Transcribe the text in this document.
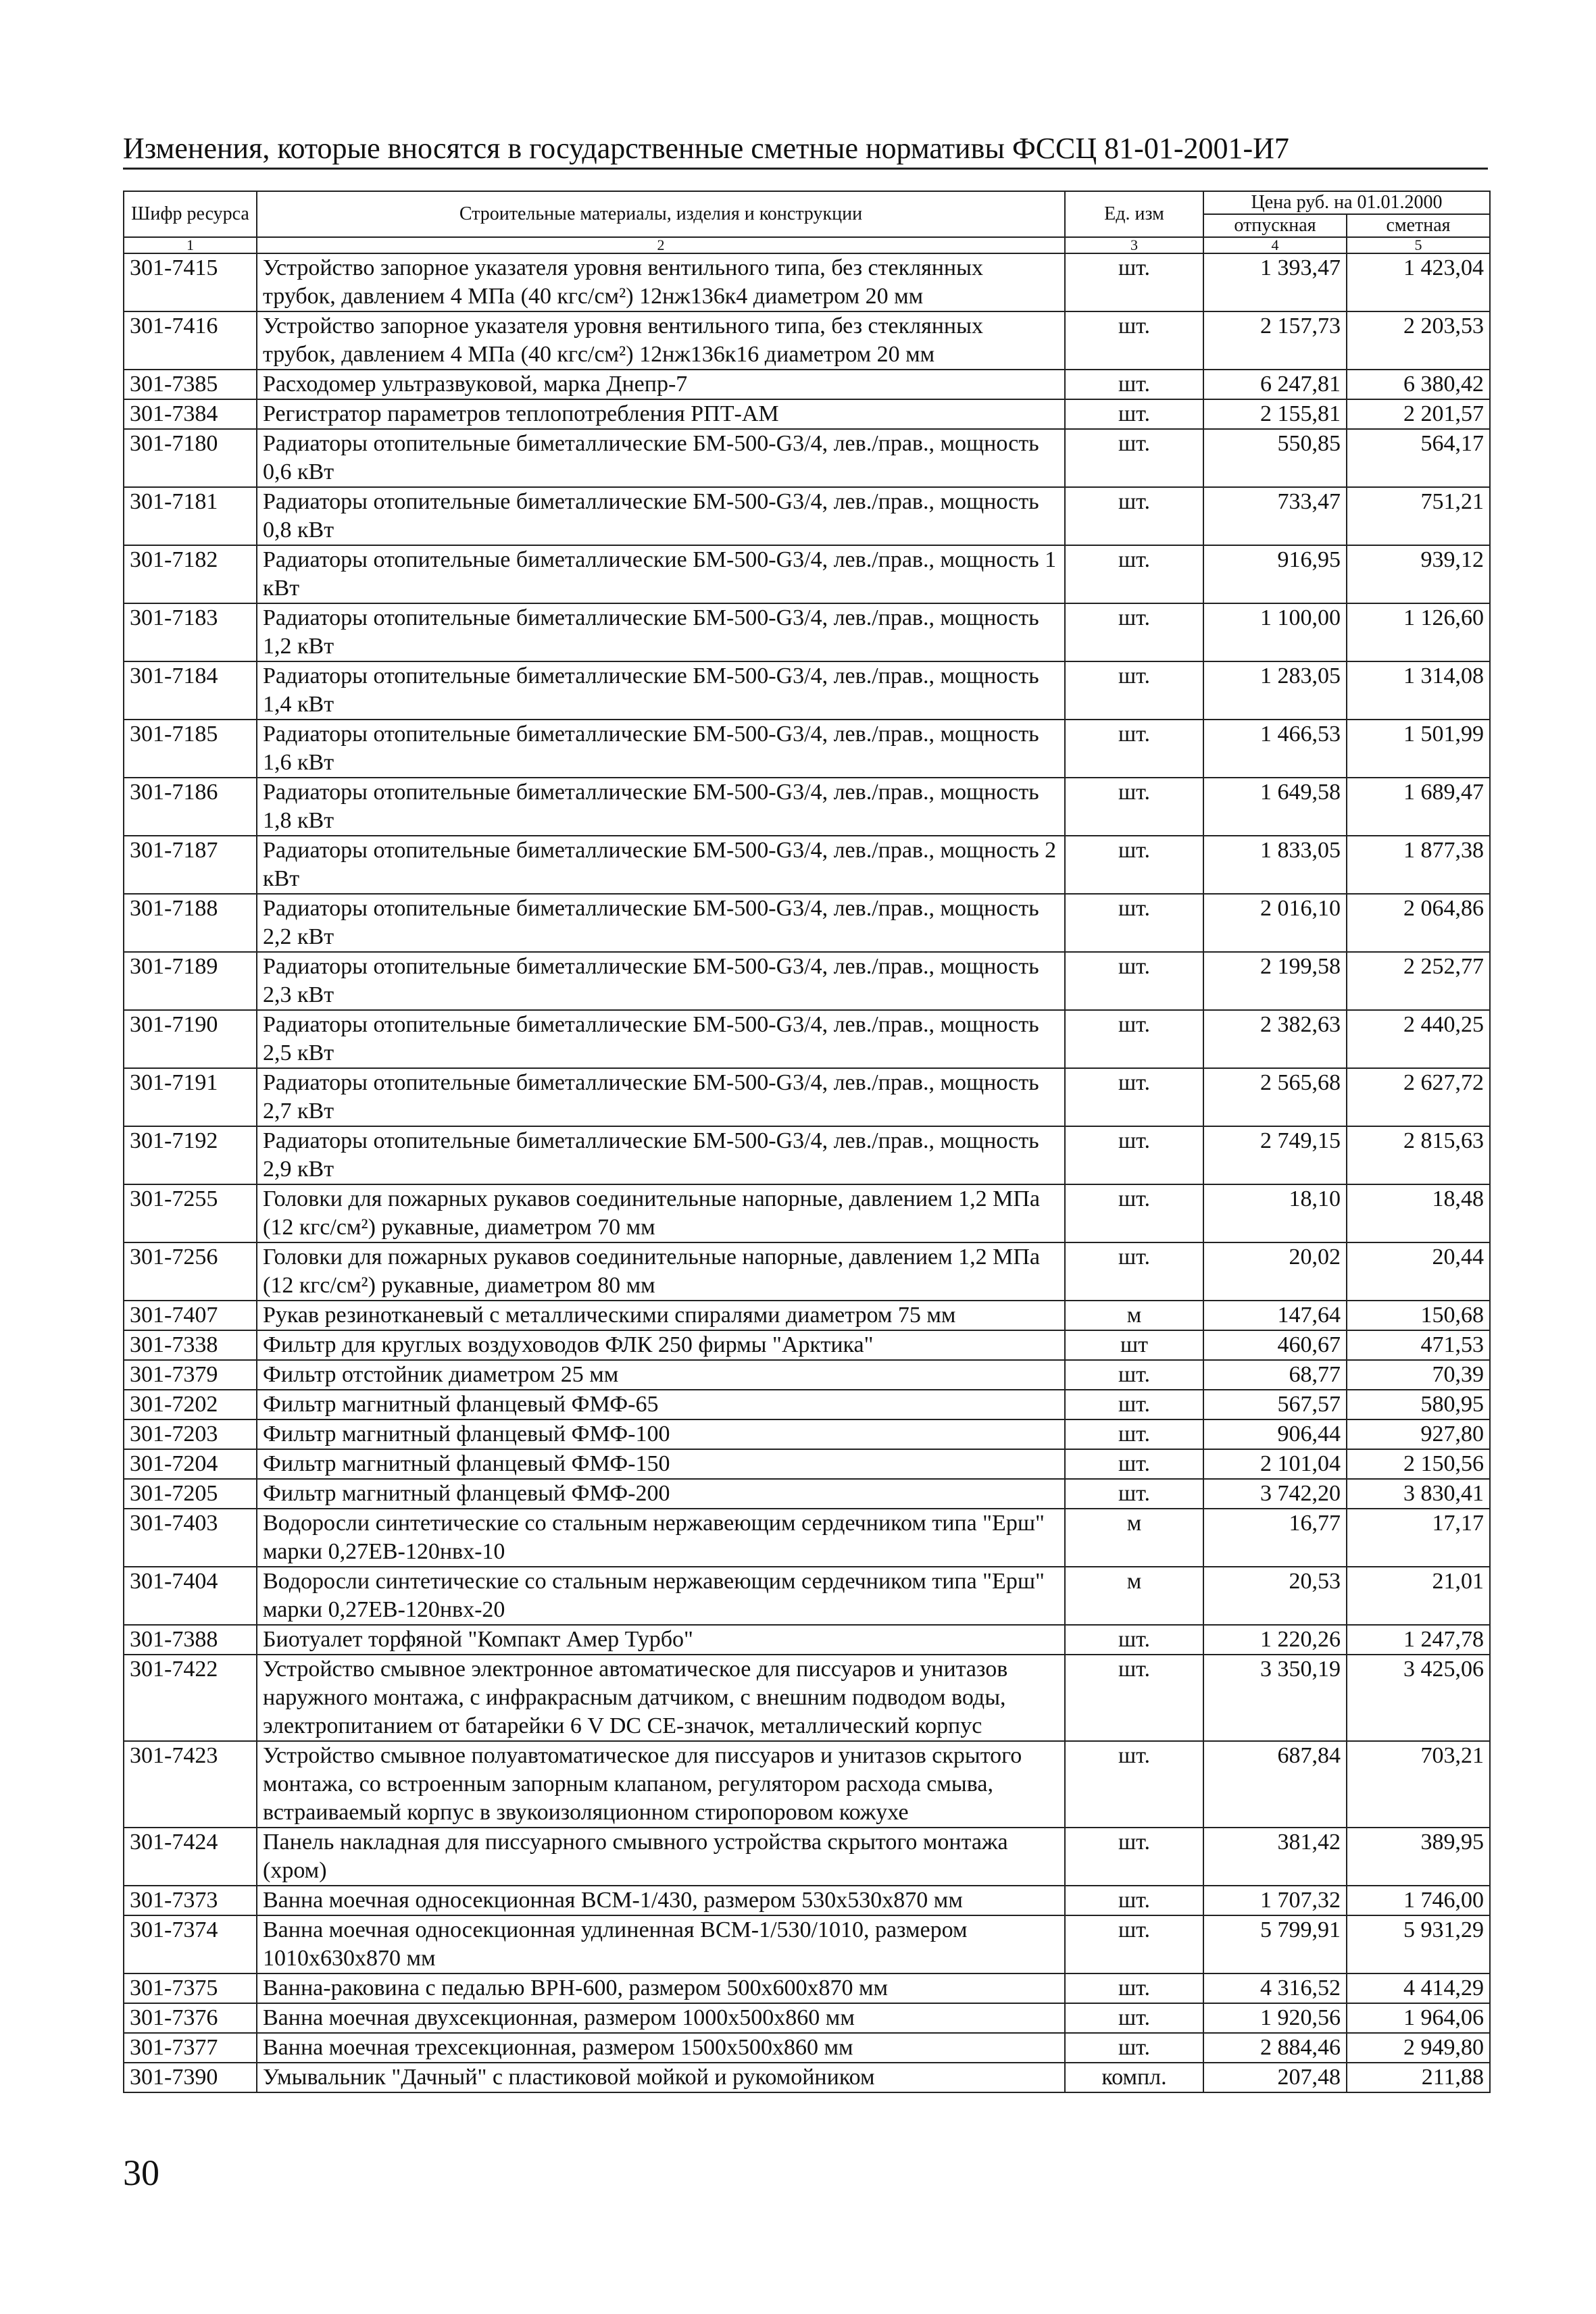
Изменения, которые вносятся в государственные сметные нормативы ФССЦ 81-01-2001-И7
Шифр ресурса	Строительные материалы, изделия и конструкции	Ед. изм	Цена руб. на 01.01.2000	
			отпускная	сметная
1	2	3	4	5
301-7415	Устройство запорное указателя уровня вентильного типа, без стеклянных трубок, давлением 4 МПа (40 кгс/см²) 12нж136к4 диаметром 20 мм	шт.	1 393,47	1 423,04
301-7416	Устройство запорное указателя уровня вентильного типа, без стеклянных трубок, давлением 4 МПа (40 кгс/см²) 12нж136к16 диаметром 20 мм	шт.	2 157,73	2 203,53
301-7385	Расходомер ультразвуковой, марка Днепр-7	шт.	6 247,81	6 380,42
301-7384	Регистратор параметров теплопотребления РПТ-АМ	шт.	2 155,81	2 201,57
301-7180	Радиаторы отопительные биметаллические БМ-500-G3/4, лев./прав., мощность 0,6 кВт	шт.	550,85	564,17
301-7181	Радиаторы отопительные биметаллические БМ-500-G3/4, лев./прав., мощность 0,8 кВт	шт.	733,47	751,21
301-7182	Радиаторы отопительные биметаллические БМ-500-G3/4, лев./прав., мощность 1 кВт	шт.	916,95	939,12
301-7183	Радиаторы отопительные биметаллические БМ-500-G3/4, лев./прав., мощность 1,2 кВт	шт.	1 100,00	1 126,60
301-7184	Радиаторы отопительные биметаллические БМ-500-G3/4, лев./прав., мощность 1,4 кВт	шт.	1 283,05	1 314,08
301-7185	Радиаторы отопительные биметаллические БМ-500-G3/4, лев./прав., мощность 1,6 кВт	шт.	1 466,53	1 501,99
301-7186	Радиаторы отопительные биметаллические БМ-500-G3/4, лев./прав., мощность 1,8 кВт	шт.	1 649,58	1 689,47
301-7187	Радиаторы отопительные биметаллические БМ-500-G3/4, лев./прав., мощность 2 кВт	шт.	1 833,05	1 877,38
301-7188	Радиаторы отопительные биметаллические БМ-500-G3/4, лев./прав., мощность 2,2 кВт	шт.	2 016,10	2 064,86
301-7189	Радиаторы отопительные биметаллические БМ-500-G3/4, лев./прав., мощность 2,3 кВт	шт.	2 199,58	2 252,77
301-7190	Радиаторы отопительные биметаллические БМ-500-G3/4, лев./прав., мощность 2,5 кВт	шт.	2 382,63	2 440,25
301-7191	Радиаторы отопительные биметаллические БМ-500-G3/4, лев./прав., мощность 2,7 кВт	шт.	2 565,68	2 627,72
301-7192	Радиаторы отопительные биметаллические БМ-500-G3/4, лев./прав., мощность 2,9 кВт	шт.	2 749,15	2 815,63
301-7255	Головки для пожарных рукавов соединительные напорные, давлением 1,2 МПа (12 кгс/см²) рукавные, диаметром 70 мм	шт.	18,10	18,48
301-7256	Головки для пожарных рукавов соединительные напорные, давлением 1,2 МПа (12 кгс/см²) рукавные, диаметром 80 мм	шт.	20,02	20,44
301-7407	Рукав резинотканевый с металлическими спиралями диаметром 75 мм	м	147,64	150,68
301-7338	Фильтр для круглых воздуховодов ФЛК 250 фирмы "Арктика"	шт	460,67	471,53
301-7379	Фильтр отстойник диаметром 25 мм	шт.	68,77	70,39
301-7202	Фильтр магнитный фланцевый ФМФ-65	шт.	567,57	580,95
301-7203	Фильтр магнитный фланцевый ФМФ-100	шт.	906,44	927,80
301-7204	Фильтр магнитный фланцевый ФМФ-150	шт.	2 101,04	2 150,56
301-7205	Фильтр магнитный фланцевый ФМФ-200	шт.	3 742,20	3 830,41
301-7403	Водоросли синтетические со стальным нержавеющим сердечником типа "Ерш" марки 0,27ЕВ-120нвх-10	м	16,77	17,17
301-7404	Водоросли синтетические со стальным нержавеющим сердечником типа "Ерш" марки 0,27ЕВ-120нвх-20	м	20,53	21,01
301-7388	Биотуалет торфяной "Компакт Амер Турбо"	шт.	1 220,26	1 247,78
301-7422	Устройство смывное электронное автоматическое для писсуаров и унитазов наружного монтажа, с инфракрасным датчиком, с внешним подводом воды, электропитанием от батарейки 6 V DC CE-значок, металлический корпус	шт.	3 350,19	3 425,06
301-7423	Устройство смывное полуавтоматическое для писсуаров и унитазов скрытого монтажа, со встроенным запорным клапаном, регулятором расхода смыва, встраиваемый корпус в звукоизоляционном стиропоровом кожухе	шт.	687,84	703,21
301-7424	Панель накладная для писсуарного смывного устройства скрытого монтажа (хром)	шт.	381,42	389,95
301-7373	Ванна моечная односекционная ВСМ-1/430, размером 530х530х870 мм	шт.	1 707,32	1 746,00
301-7374	Ванна моечная односекционная удлиненная ВСМ-1/530/1010, размером 1010х630х870 мм	шт.	5 799,91	5 931,29
301-7375	Ванна-раковина с педалью ВРН-600, размером 500х600х870 мм	шт.	4 316,52	4 414,29
301-7376	Ванна моечная двухсекционная, размером 1000х500х860 мм	шт.	1 920,56	1 964,06
301-7377	Ванна моечная трехсекционная, размером 1500х500х860 мм	шт.	2 884,46	2 949,80
301-7390	Умывальник "Дачный" с пластиковой мойкой и рукомойником	компл.	207,48	211,88
30
